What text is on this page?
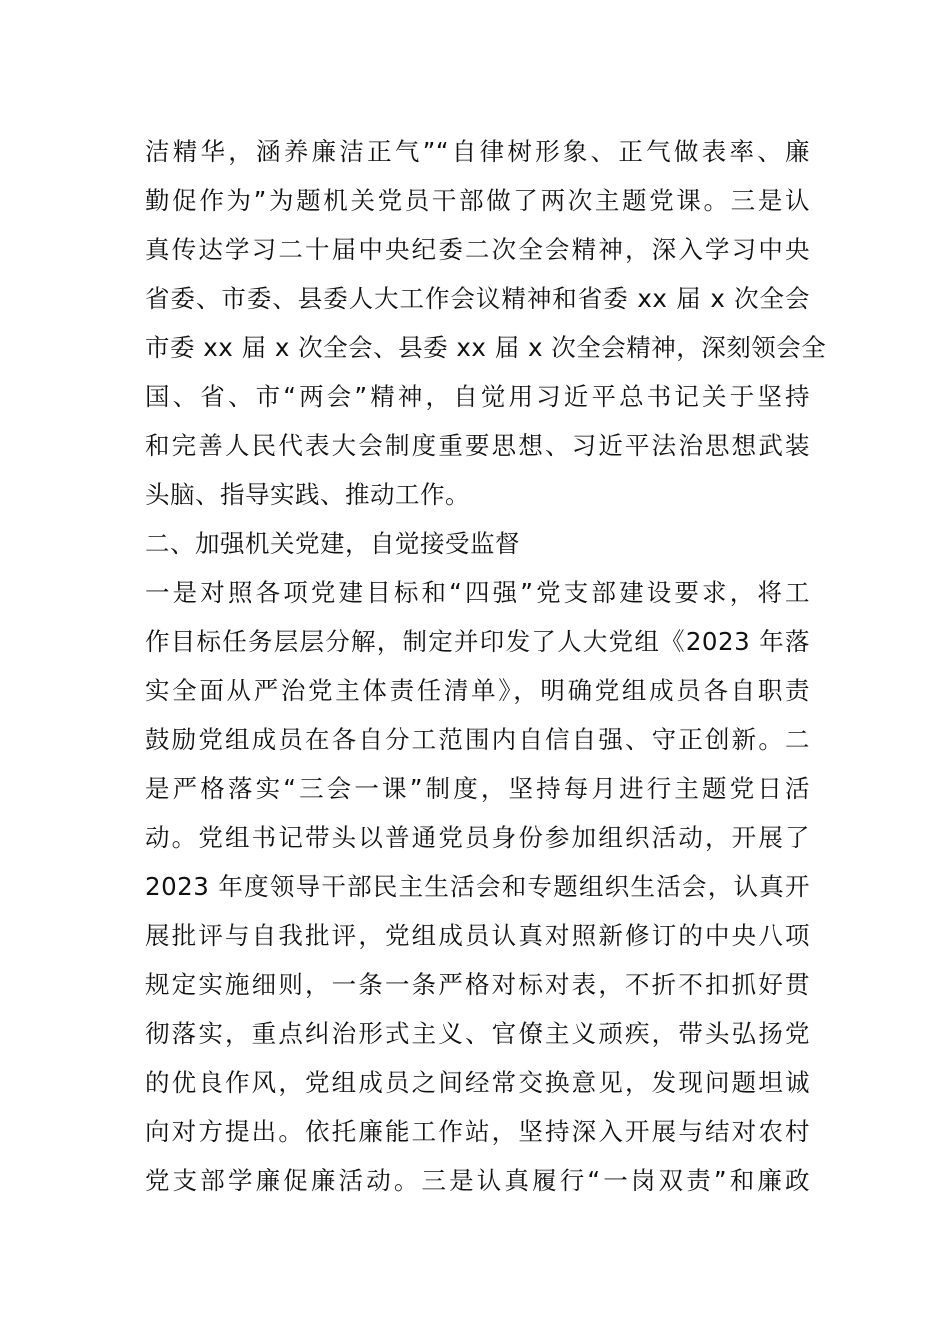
洁精华，涵养廉洁正气”“自律树形象、正气做表率、廉
勤促作为”为题机关党员干部做了两次主题党课。三是认
真传达学习二十届中央纪委二次全会精神，深入学习中央
省委、市委、县委人大工作会议精神和省委 xx 届 x 次全会
市委 xx 届 x 次全会、县委 xx 届 x 次全会精神，深刻领会全
国、省、市“两会”精神，自觉用习近平总书记关于坚持
和完善人民代表大会制度重要思想、习近平法治思想武装
头脑、指导实践、推动工作。
二、加强机关党建，自觉接受监督
一是对照各项党建目标和“四强”党支部建设要求，将工
作目标任务层层分解，制定并印发了人大党组《2023 年落
实全面从严治党主体责任清单》，明确党组成员各自职责
鼓励党组成员在各自分工范围内自信自强、守正创新。二
是严格落实“三会一课”制度，坚持每月进行主题党日活
动。党组书记带头以普通党员身份参加组织活动，开展了
2023 年度领导干部民主生活会和专题组织生活会，认真开
展批评与自我批评，党组成员认真对照新修订的中央八项
规定实施细则，一条一条严格对标对表，不折不扣抓好贯
彻落实，重点纠治形式主义、官僚主义顽疾，带头弘扬党
的优良作风，党组成员之间经常交换意见，发现问题坦诚
向对方提出。依托廉能工作站，坚持深入开展与结对农村
党支部学廉促廉活动。三是认真履行“一岗双责”和廉政
